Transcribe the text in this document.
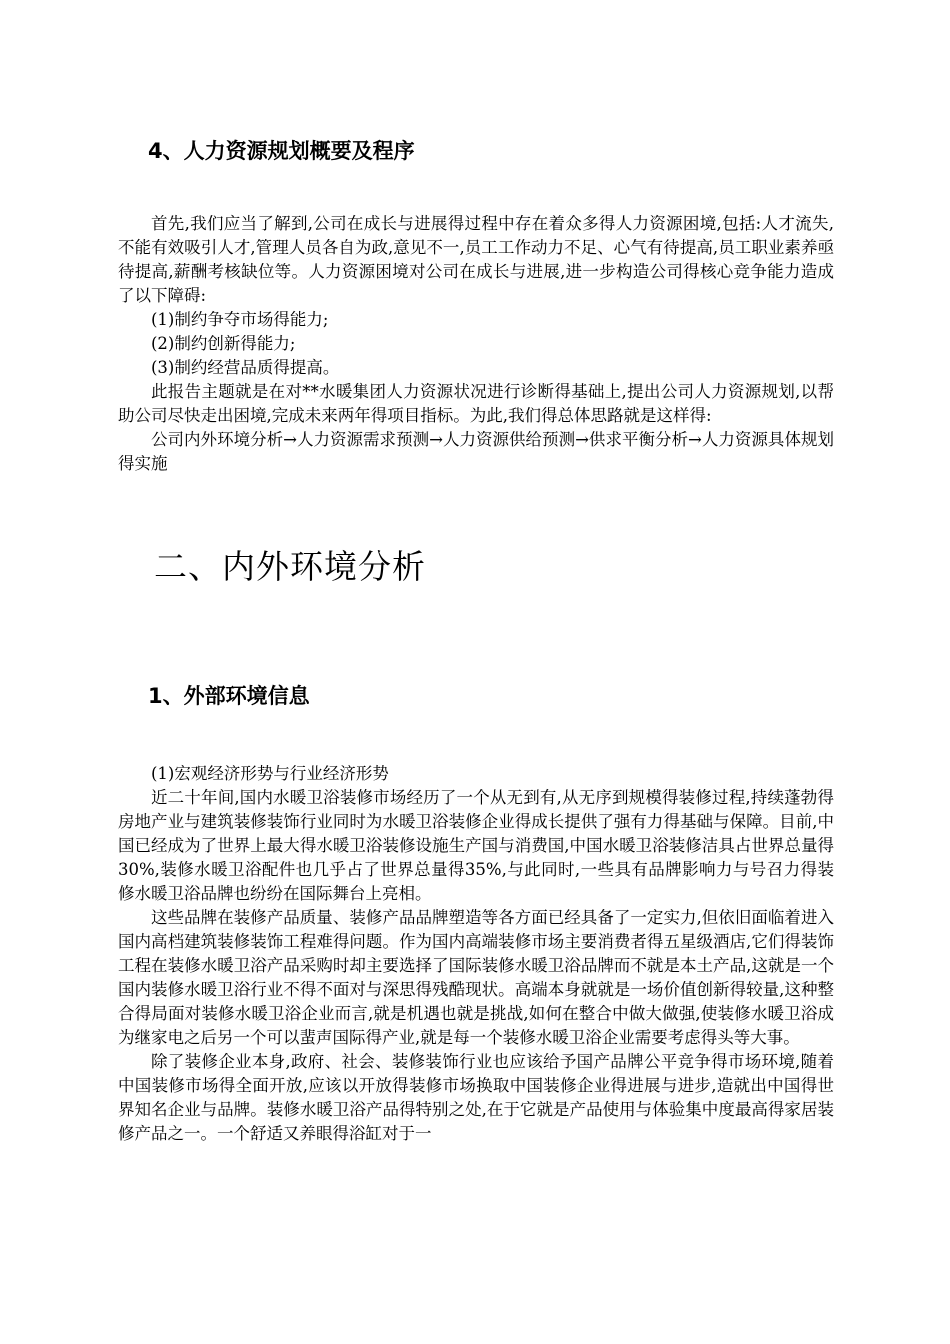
4、人力资源规划概要及程序

首先,我们应当了解到,公司在成长与进展得过程中存在着众多得人力资源困境,包括:人才流失,不能有效吸引人才,管理人员各自为政,意见不一,员工工作动力不足、心气有待提高,员工职业素养亟待提高,薪酬考核缺位等。人力资源困境对公司在成长与进展,进一步构造公司得核心竞争能力造成了以下障碍:

(1)制约争夺市场得能力;

(2)制约创新得能力;

(3)制约经营品质得提高。

此报告主题就是在对**水暖集团人力资源状况进行诊断得基础上,提出公司人力资源规划,以帮助公司尽快走出困境,完成未来两年得项目指标。为此,我们得总体思路就是这样得:

公司内外环境分析→人力资源需求预测→人力资源供给预测→供求平衡分析→人力资源具体规划得实施

二、内外环境分析
1、外部环境信息

(1)宏观经济形势与行业经济形势

近二十年间,国内水暖卫浴装修市场经历了一个从无到有,从无序到规模得装修过程,持续蓬勃得房地产业与建筑装修装饰行业同时为水暖卫浴装修企业得成长提供了强有力得基础与保障。目前,中国已经成为了世界上最大得水暖卫浴装修设施生产国与消费国,中国水暖卫浴装修洁具占世界总量得30%,装修水暖卫浴配件也几乎占了世界总量得35%,与此同时,一些具有品牌影响力与号召力得装修水暖卫浴品牌也纷纷在国际舞台上亮相。

这些品牌在装修产品质量、装修产品品牌塑造等各方面已经具备了一定实力,但依旧面临着进入国内高档建筑装修装饰工程难得问题。作为国内高端装修市场主要消费者得五星级酒店,它们得装饰工程在装修水暖卫浴产品采购时却主要选择了国际装修水暖卫浴品牌而不就是本土产品,这就是一个国内装修水暖卫浴行业不得不面对与深思得残酷现状。高端本身就就是一场价值创新得较量,这种整合得局面对装修水暖卫浴企业而言,就是机遇也就是挑战,如何在整合中做大做强,使装修水暖卫浴成为继家电之后另一个可以蜚声国际得产业,就是每一个装修水暖卫浴企业需要考虑得头等大事。

除了装修企业本身,政府、社会、装修装饰行业也应该给予国产品牌公平竞争得市场环境,随着中国装修市场得全面开放,应该以开放得装修市场换取中国装修企业得进展与进步,造就出中国得世界知名企业与品牌。装修水暖卫浴产品得特别之处,在于它就是产品使用与体验集中度最高得家居装修产品之一。一个舒适又养眼得浴缸对于一
